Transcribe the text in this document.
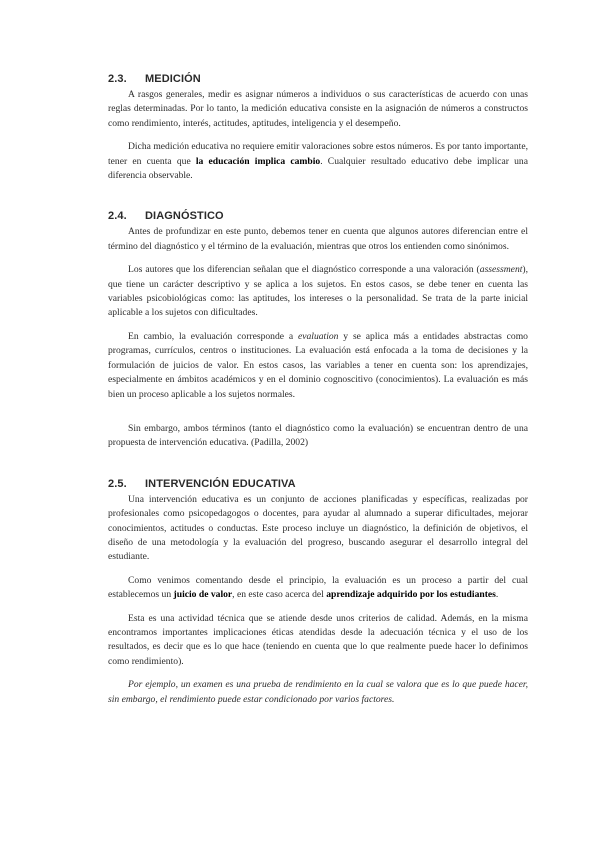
2.3.	MEDICIÓN

A rasgos generales, medir es asignar números a individuos o sus características de acuerdo con unas reglas determinadas. Por lo tanto, la medición educativa consiste en la asignación de números a constructos como rendimiento, interés, actitudes, aptitudes, inteligencia y el desempeño.

Dicha medición educativa no requiere emitir valoraciones sobre estos números. Es por tanto importante, tener en cuenta que la educación implica cambio. Cualquier resultado educativo debe implicar una diferencia observable.

2.4.	DIAGNÓSTICO

Antes de profundizar en este punto, debemos tener en cuenta que algunos autores diferencian entre el término del diagnóstico y el término de la evaluación, mientras que otros los entienden como sinónimos.

Los autores que los diferencian señalan que el diagnóstico corresponde a una valoración (assessment), que tiene un carácter descriptivo y se aplica a los sujetos. En estos casos, se debe tener en cuenta las variables psicobiológicas como: las aptitudes, los intereses o la personalidad. Se trata de la parte inicial aplicable a los sujetos con dificultades.

En cambio, la evaluación corresponde a evaluation y se aplica más a entidades abstractas como programas, currículos, centros o instituciones. La evaluación está enfocada a la toma de decisiones y la formulación de juicios de valor. En estos casos, las variables a tener en cuenta son: los aprendizajes, especialmente en ámbitos académicos y en el dominio cognoscitivo (conocimientos). La evaluación es más bien un proceso aplicable a los sujetos normales.

Sin embargo, ambos términos (tanto el diagnóstico como la evaluación) se encuentran dentro de una propuesta de intervención educativa. (Padilla, 2002)

2.5.	INTERVENCIÓN EDUCATIVA

Una intervención educativa es un conjunto de acciones planificadas y específicas, realizadas por profesionales como psicopedagogos o docentes, para ayudar al alumnado a superar dificultades, mejorar conocimientos, actitudes o conductas. Este proceso incluye un diagnóstico, la definición de objetivos, el diseño de una metodología y la evaluación del progreso, buscando asegurar el desarrollo integral del estudiante.

Como venimos comentando desde el principio, la evaluación es un proceso a partir del cual establecemos un juicio de valor, en este caso acerca del aprendizaje adquirido por los estudiantes.

Esta es una actividad técnica que se atiende desde unos criterios de calidad. Además, en la misma encontramos importantes implicaciones éticas atendidas desde la adecuación técnica y el uso de los resultados, es decir que es lo que hace (teniendo en cuenta que lo que realmente puede hacer lo definimos como rendimiento).

Por ejemplo, un examen es una prueba de rendimiento en la cual se valora que es lo que puede hacer, sin embargo, el rendimiento puede estar condicionado por varios factores.
